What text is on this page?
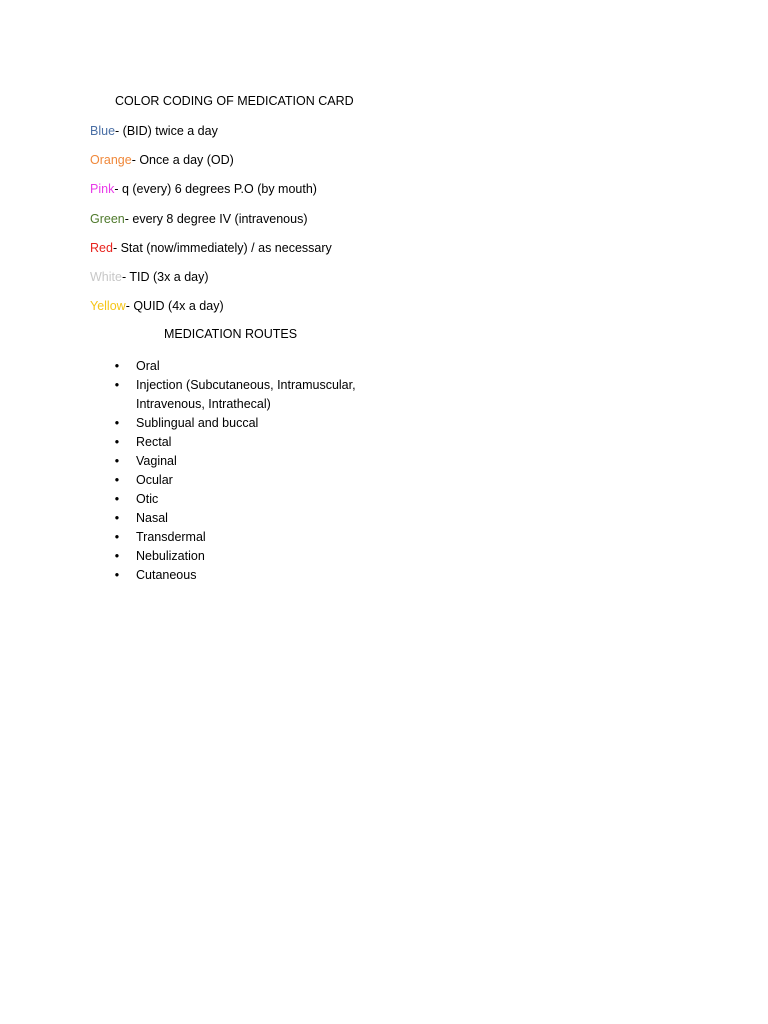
COLOR CODING OF MEDICATION CARD
Blue- (BID) twice a day
Orange- Once a day (OD)
Pink- q (every) 6 degrees P.O (by mouth)
Green- every 8 degree IV (intravenous)
Red- Stat (now/immediately) / as necessary
White- TID (3x a day)
Yellow- QUID (4x a day)
MEDICATION ROUTES
•	Oral
•	Injection (Subcutaneous, Intramuscular, Intravenous, Intrathecal)
•	Sublingual and buccal
•	Rectal
•	Vaginal
•	Ocular
•	Otic
•	Nasal
•	Transdermal
•	Nebulization
•	Cutaneous
